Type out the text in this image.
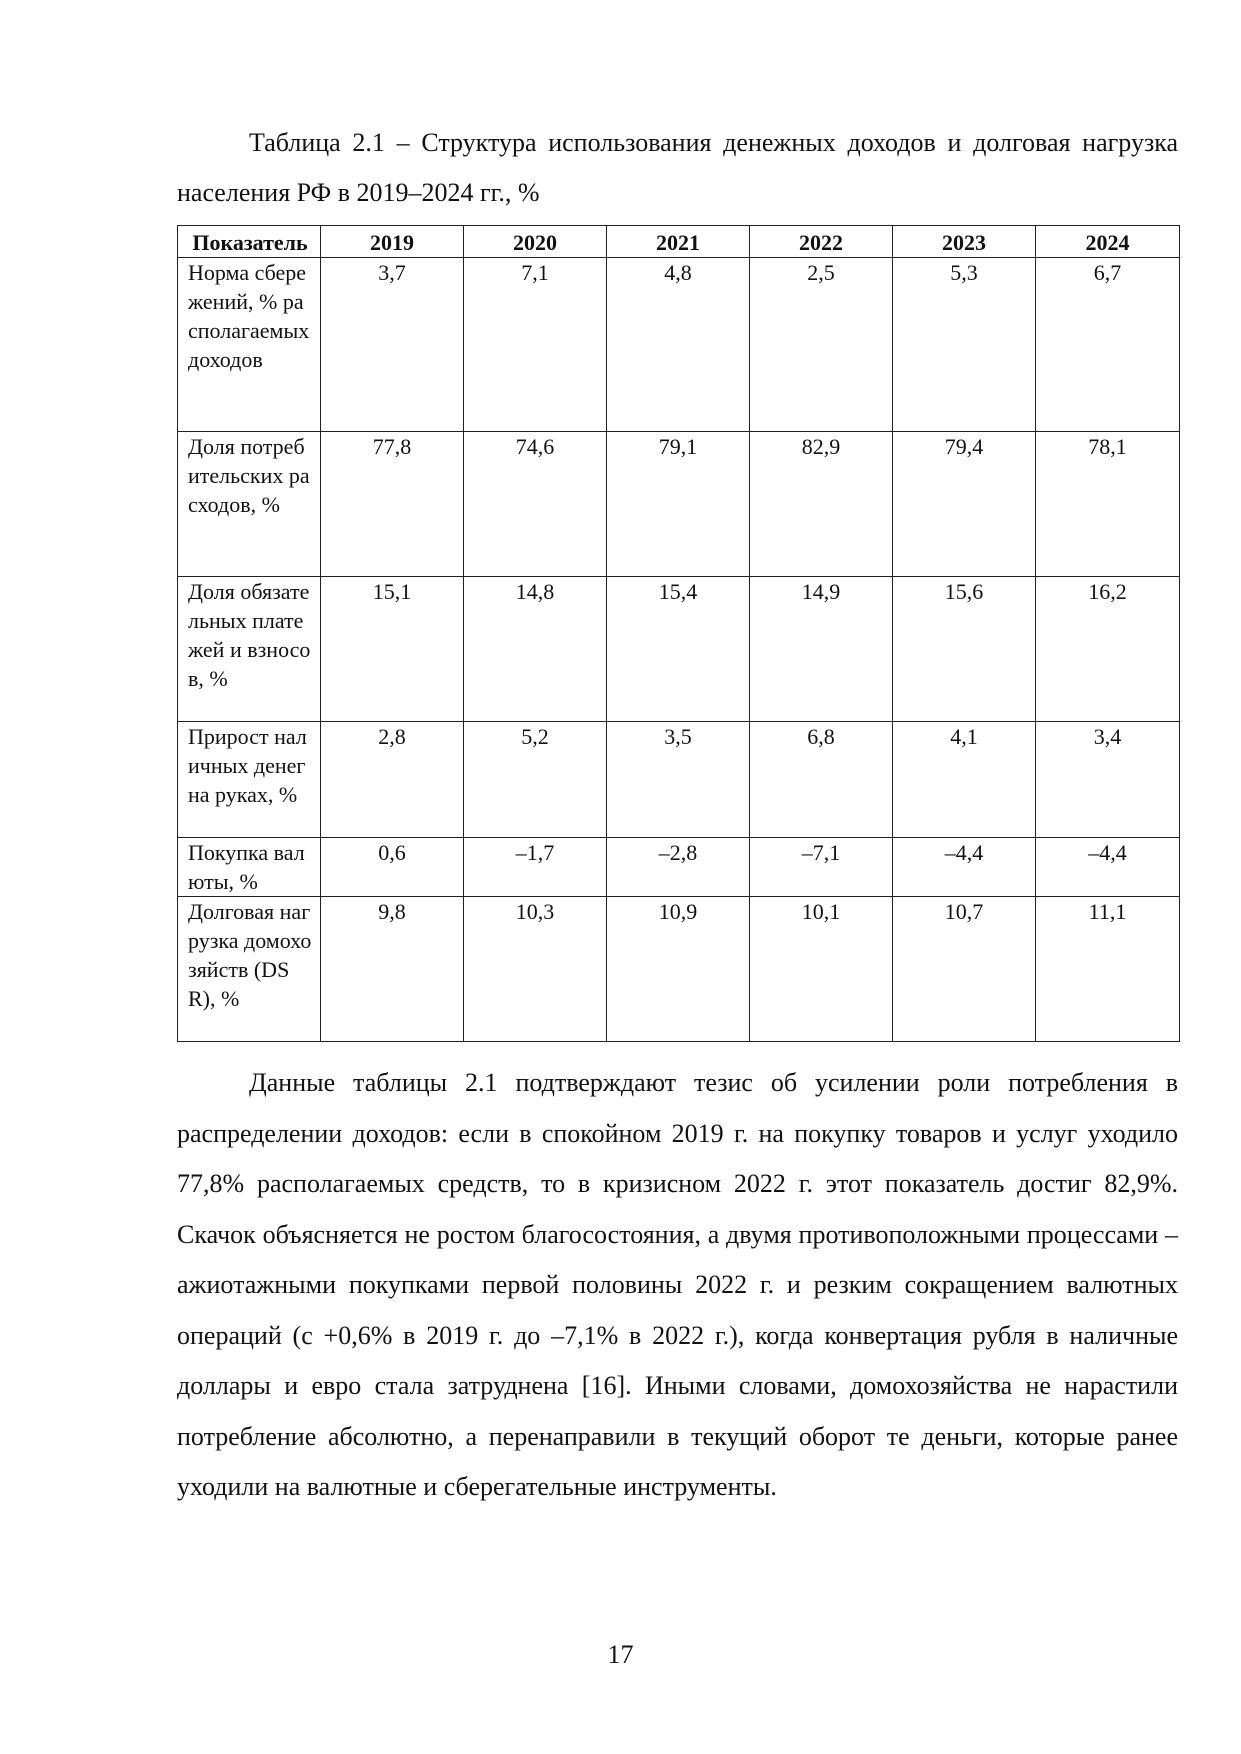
Таблица 2.1 – Структура использования денежных доходов и долговая нагрузка населения РФ в 2019–2024 гг., %
Показатель	2019	2020	2021	2022	2023	2024
Норма сбережений, % располагаемых доходов	3,7	7,1	4,8	2,5	5,3	6,7
Доля потребительских расходов, %	77,8	74,6	79,1	82,9	79,4	78,1
Доля обязательных платежей и взносов, %	15,1	14,8	15,4	14,9	15,6	16,2
Прирост наличных денег на руках, %	2,8	5,2	3,5	6,8	4,1	3,4
Покупка валюты, %	0,6	–1,7	–2,8	–7,1	–4,4	–4,4
Долговая нагрузка домохозяйств (DSR), %	9,8	10,3	10,9	10,1	10,7	11,1
Данные таблицы 2.1 подтверждают тезис об усилении роли потребления в распределении доходов: если в спокойном 2019 г. на покупку товаров и услуг уходило 77,8% располагаемых средств, то в кризисном 2022 г. этот показатель достиг 82,9%. Скачок объясняется не ростом благосостояния, а двумя противоположными процессами – ажиотажными покупками первой половины 2022 г. и резким сокращением валютных операций (с +0,6% в 2019 г. до –7,1% в 2022 г.), когда конвертация рубля в наличные доллары и евро стала затруднена [16]. Иными словами, домохозяйства не нарастили потребление абсолютно, а перенаправили в текущий оборот те деньги, которые ранее уходили на валютные и сберегательные инструменты.
17
